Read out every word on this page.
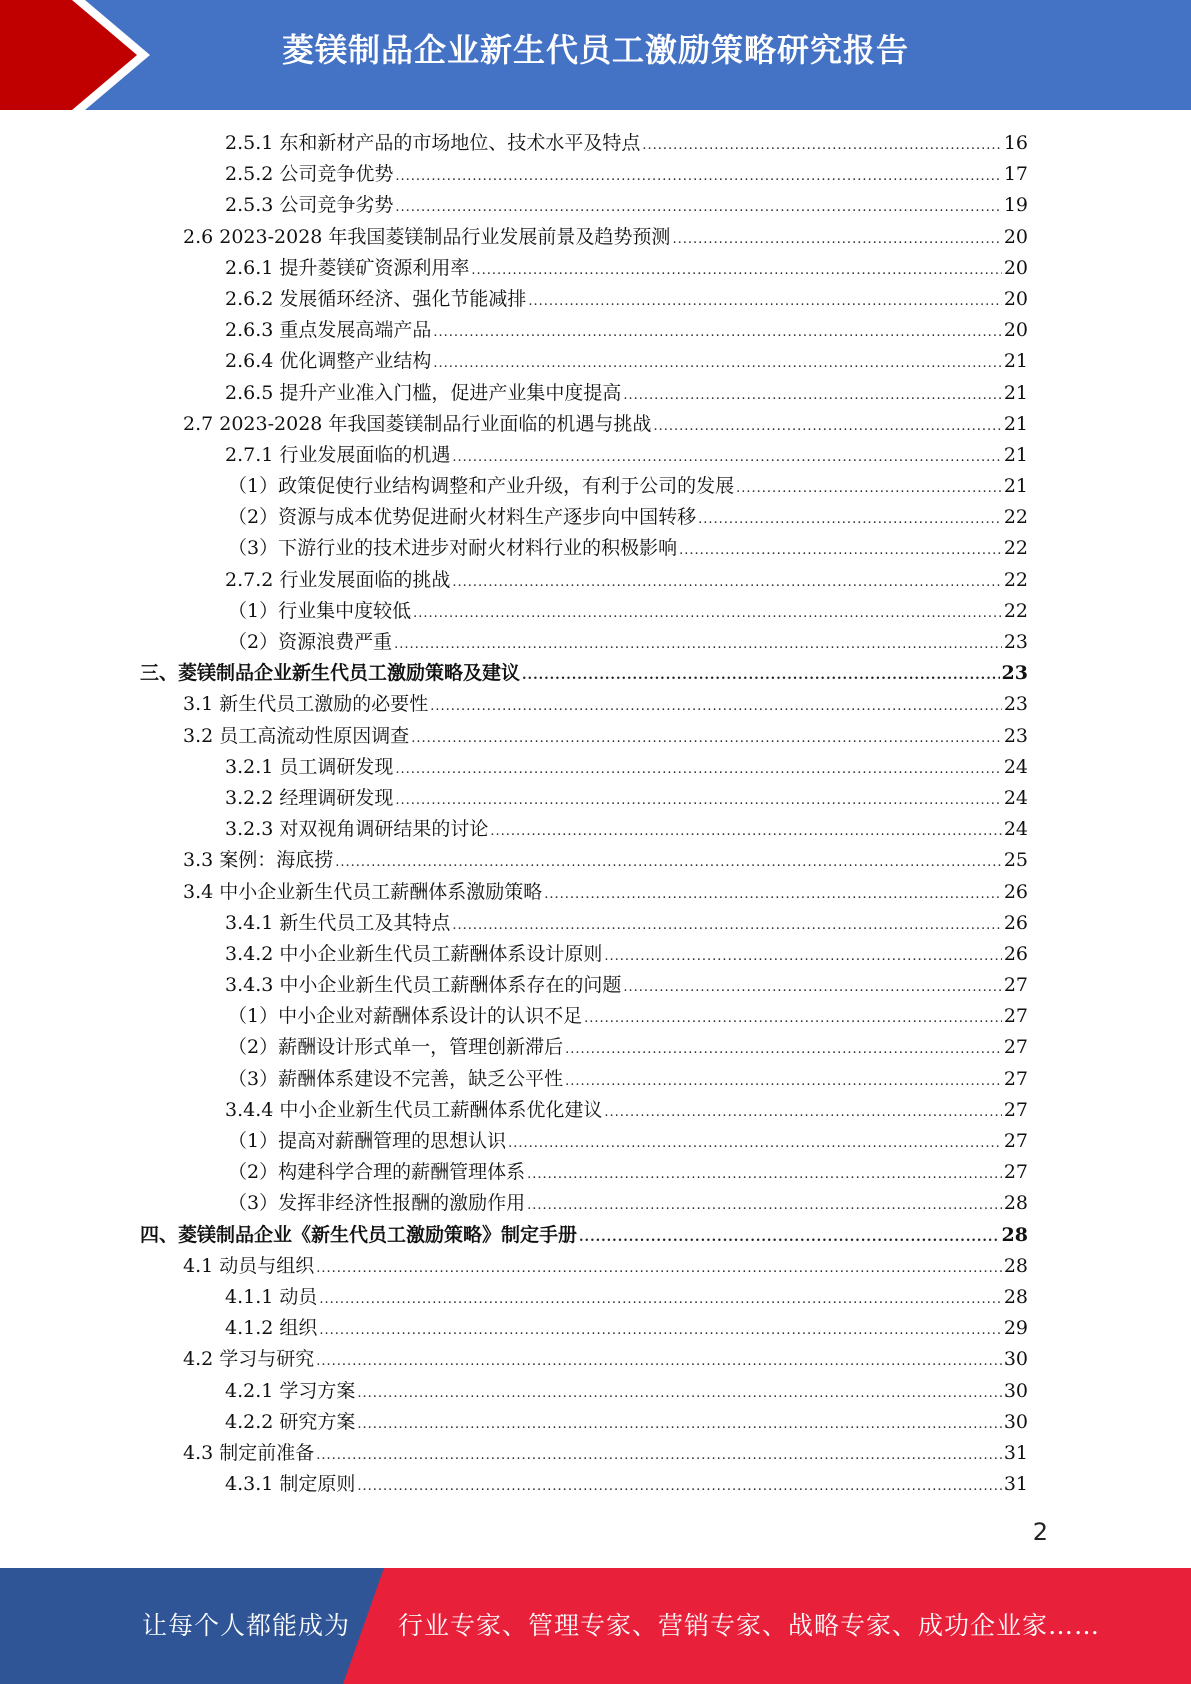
菱镁制品企业新生代员工激励策略研究报告
2.5.1 东和新材产品的市场地位、技术水平及特点 .....	16
2.5.2 公司竞争优势 .....	17
2.5.3 公司竞争劣势 .....	19
2.6 2023-2028 年我国菱镁制品行业发展前景及趋势预测 .....	20
2.6.1 提升菱镁矿资源利用率 .....	20
2.6.2 发展循环经济、强化节能减排 .....	20
2.6.3 重点发展高端产品 .....	20
2.6.4 优化调整产业结构 .....	21
2.6.5 提升产业准入门槛，促进产业集中度提高 .....	21
2.7 2023-2028 年我国菱镁制品行业面临的机遇与挑战 .....	21
2.7.1 行业发展面临的机遇 .....	21
（1）政策促使行业结构调整和产业升级，有利于公司的发展 .....	21
（2）资源与成本优势促进耐火材料生产逐步向中国转移 .....	22
（3）下游行业的技术进步对耐火材料行业的积极影响 .....	22
2.7.2 行业发展面临的挑战 .....	22
（1）行业集中度较低 .....	22
（2）资源浪费严重 .....	23
三、菱镁制品企业新生代员工激励策略及建议 .....	23
3.1 新生代员工激励的必要性 .....	23
3.2 员工高流动性原因调查 .....	23
3.2.1 员工调研发现 .....	24
3.2.2 经理调研发现 .....	24
3.2.3 对双视角调研结果的讨论 .....	24
3.3 案例：海底捞 .....	25
3.4 中小企业新生代员工薪酬体系激励策略 .....	26
3.4.1 新生代员工及其特点 .....	26
3.4.2 中小企业新生代员工薪酬体系设计原则 .....	26
3.4.3 中小企业新生代员工薪酬体系存在的问题 .....	27
（1）中小企业对薪酬体系设计的认识不足 .....	27
（2）薪酬设计形式单一，管理创新滞后 .....	27
（3）薪酬体系建设不完善，缺乏公平性 .....	27
3.4.4 中小企业新生代员工薪酬体系优化建议 .....	27
（1）提高对薪酬管理的思想认识 .....	27
（2）构建科学合理的薪酬管理体系 .....	27
（3）发挥非经济性报酬的激励作用 .....	28
四、菱镁制品企业《新生代员工激励策略》制定手册 .....	28
4.1 动员与组织 .....	28
4.1.1 动员 .....	28
4.1.2 组织 .....	29
4.2 学习与研究 .....	30
4.2.1 学习方案 .....	30
4.2.2 研究方案 .....	30
4.3 制定前准备 .....	31
4.3.1 制定原则 .....	31
2
让每个人都能成为 行业专家、管理专家、营销专家、战略专家、成功企业家……
